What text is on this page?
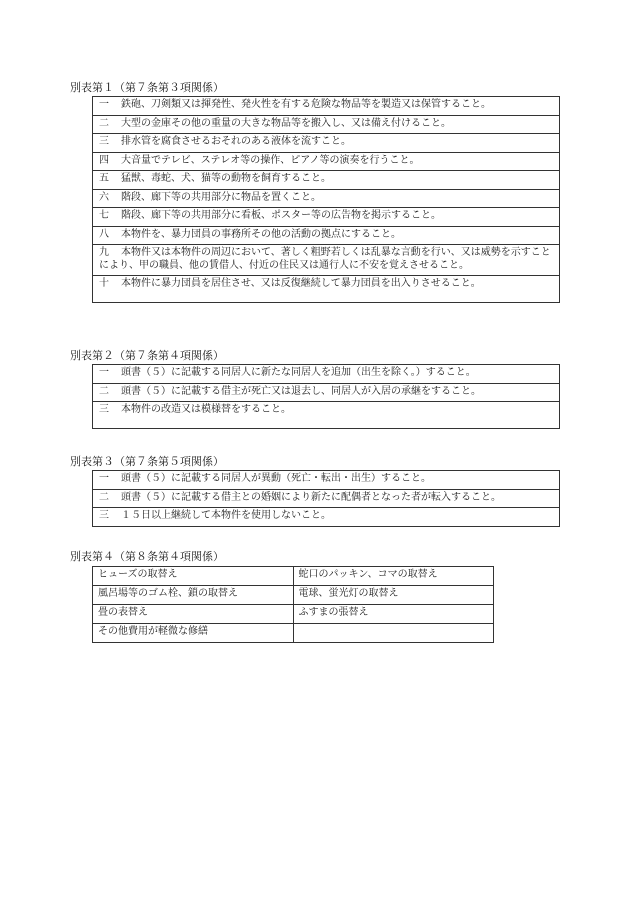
別表第１（第７条第３項関係）
一 鉄砲、刀剣類又は揮発性、発火性を有する危険な物品等を製造又は保管すること。
二 大型の金庫その他の重量の大きな物品等を搬入し、又は備え付けること。
三 排水管を腐食させるおそれのある液体を流すこと。
四 大音量でテレビ、ステレオ等の操作、ピアノ等の演奏を行うこと。
五 猛獣、毒蛇、犬、猫等の動物を飼育すること。
六 階段、廊下等の共用部分に物品を置くこと。
七 階段、廊下等の共用部分に看板、ポスター等の広告物を掲示すること。
八 本物件を、暴力団員の事務所その他の活動の拠点にすること。
九 本物件又は本物件の周辺において、著しく粗野若しくは乱暴な言動を行い、又は威勢を示すことにより、甲の職員、他の賃借人、付近の住民又は通行人に不安を覚えさせること。
十 本物件に暴力団員を居住させ、又は反復継続して暴力団員を出入りさせること。
別表第２（第７条第４項関係）
一 頭書（５）に記載する同居人に新たな同居人を追加（出生を除く。）すること。
二 頭書（５）に記載する借主が死亡又は退去し、同居人が入居の承継をすること。
三 本物件の改造又は模様替をすること。
別表第３（第７条第５項関係）
一 頭書（５）に記載する同居人が異動（死亡・転出・出生）すること。
二 頭書（５）に記載する借主との婚姻により新たに配偶者となった者が転入すること。
三 １５日以上継続して本物件を使用しないこと。
別表第４（第８条第４項関係）
ヒューズの取替え	蛇口のパッキン、コマの取替え
風呂場等のゴム栓、鎖の取替え	電球、蛍光灯の取替え
畳の表替え	ふすまの張替え
その他費用が軽微な修繕	
